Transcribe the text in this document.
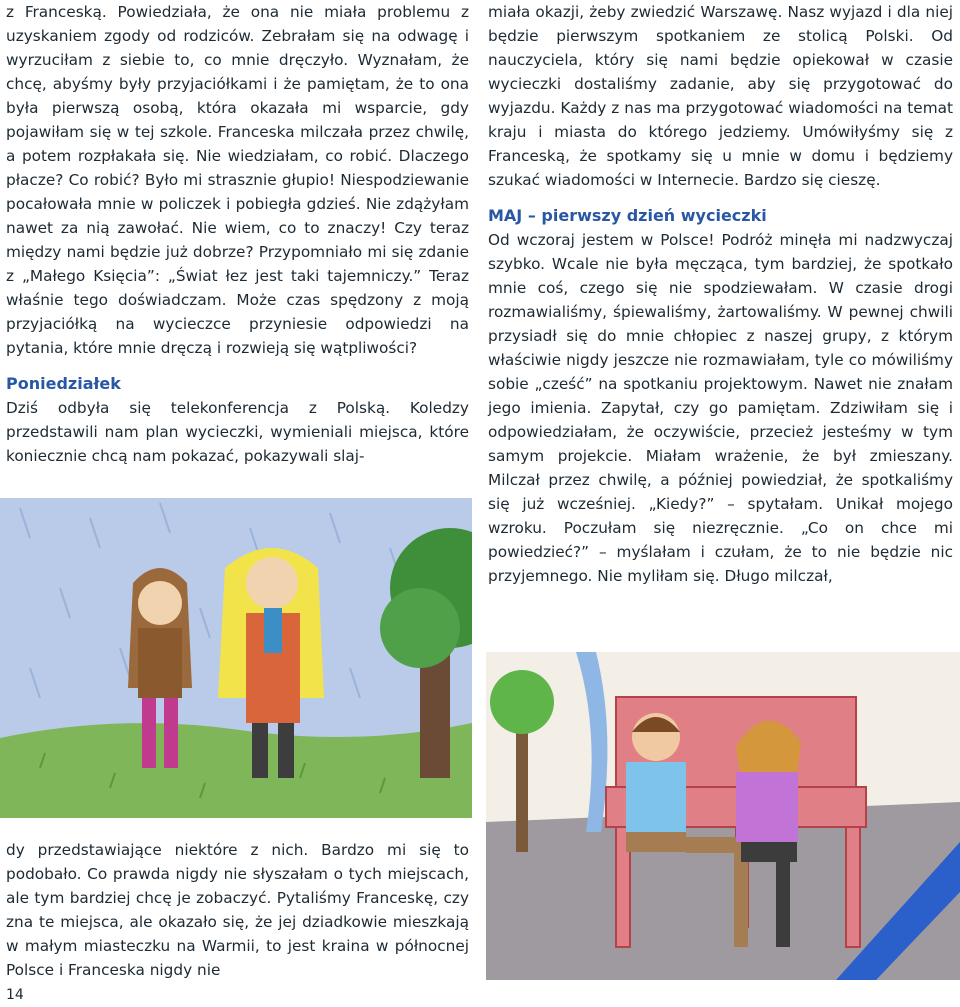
z Franceską. Powiedziała, że ona nie miała problemu z uzyskaniem zgody od rodziców. Zebrałam się na odwagę i wyrzuciłam z siebie to, co mnie dręczyło. Wyznałam, że chcę, abyśmy były przyjaciółkami i że pamiętam, że to ona była pierwszą osobą, która okazała mi wsparcie, gdy pojawiłam się w tej szkole. Franceska milczała przez chwilę, a potem rozpłakała się. Nie wiedziałam, co robić. Dlaczego płacze? Co robić? Było mi strasznie głupio! Niespodziewanie pocałowała mnie w policzek i pobiegła gdzieś. Nie zdążyłam nawet za nią zawołać. Nie wiem, co to znaczy! Czy teraz między nami będzie już dobrze? Przypomniało mi się zdanie z „Małego Księcia”: „Świat łez jest taki tajemniczy.” Teraz właśnie tego doświadczam. Może czas spędzony z moją przyjaciółką na wycieczce przyniesie odpowiedzi na pytania, które mnie dręczą i rozwieją się wątpliwości?

Poniedziałek

Dziś odbyła się telekonferencja z Polską. Koledzy przedstawili nam plan wycieczki, wymieniali miejsca, które koniecznie chcą nam pokazać, pokazywali slaj-

dy przedstawiające niektóre z nich. Bardzo mi się to podobało. Co prawda nigdy nie słyszałam o tych miejscach, ale tym bardziej chcę je zobaczyć. Pytaliśmy Franceskę, czy zna te miejsca, ale okazało się, że jej dziadkowie mieszkają w małym miasteczku na Warmii, to jest kraina w północnej Polsce i Franceska nigdy nie

miała okazji, żeby zwiedzić Warszawę. Nasz wyjazd i dla niej będzie pierwszym spotkaniem ze stolicą Polski. Od nauczyciela, który się nami będzie opiekował w czasie wycieczki dostaliśmy zadanie, aby się przygotować do wyjazdu. Każdy z nas ma przygotować wiadomości na temat kraju i miasta do którego jedziemy. Umówiłyśmy się z Franceską, że spotkamy się u mnie w domu i będziemy szukać wiadomości w Internecie. Bardzo się cieszę.

MAJ – pierwszy dzień wycieczki

Od wczoraj jestem w Polsce! Podróż minęła mi nadzwyczaj szybko. Wcale nie była męcząca, tym bardziej, że spotkało mnie coś, czego się nie spodziewałam. W czasie drogi rozmawialiśmy, śpiewaliśmy, żartowaliśmy. W pewnej chwili przysiadł się do mnie chłopiec z naszej grupy, z którym właściwie nigdy jeszcze nie rozmawiałam, tyle co mówiliśmy sobie „cześć” na spotkaniu projektowym. Nawet nie znałam jego imienia. Zapytał, czy go pamiętam. Zdziwiłam się i odpowiedziałam, że oczywiście, przecież jesteśmy w tym samym projekcie. Miałam wrażenie, że był zmieszany. Milczał przez chwilę, a później powiedział, że spotkaliśmy się już wcześniej. „Kiedy?” – spytałam. Unikał mojego wzroku. Poczułam się niezręcznie. „Co on chce mi powiedzieć?” – myślałam i czułam, że to nie będzie nic przyjemnego. Nie myliłam się. Długo milczał,

14
